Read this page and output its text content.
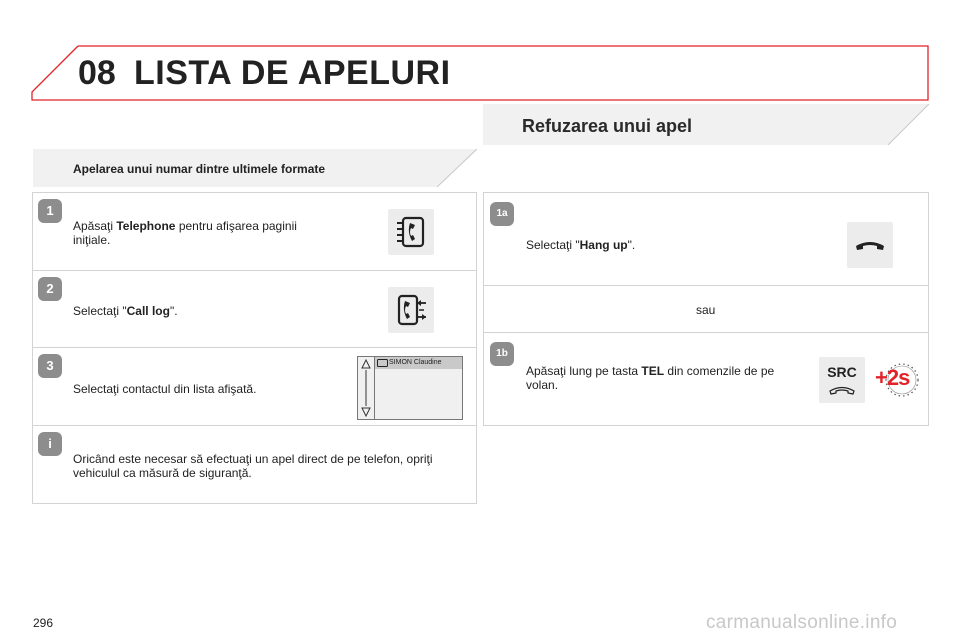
08 LISTA DE APELURI
Refuzarea unui apel
Apelarea unui numar dintre ultimele formate
1
Apăsaţi Telephone pentru afişarea paginii iniţiale.
2
Selectaţi "Call log".
3
Selectaţi contactul din lista afişată.
i
Oricând este necesar să efectuaţi un apel direct de pe telefon, opriţi vehiculul ca măsură de siguranţă.
SIMON Claudine
1a
Selectaţi "Hang up".
sau
1b
Apăsaţi lung pe tasta TEL din comenzile de pe volan.
SRC +2s
296	carmanualsonline.info
